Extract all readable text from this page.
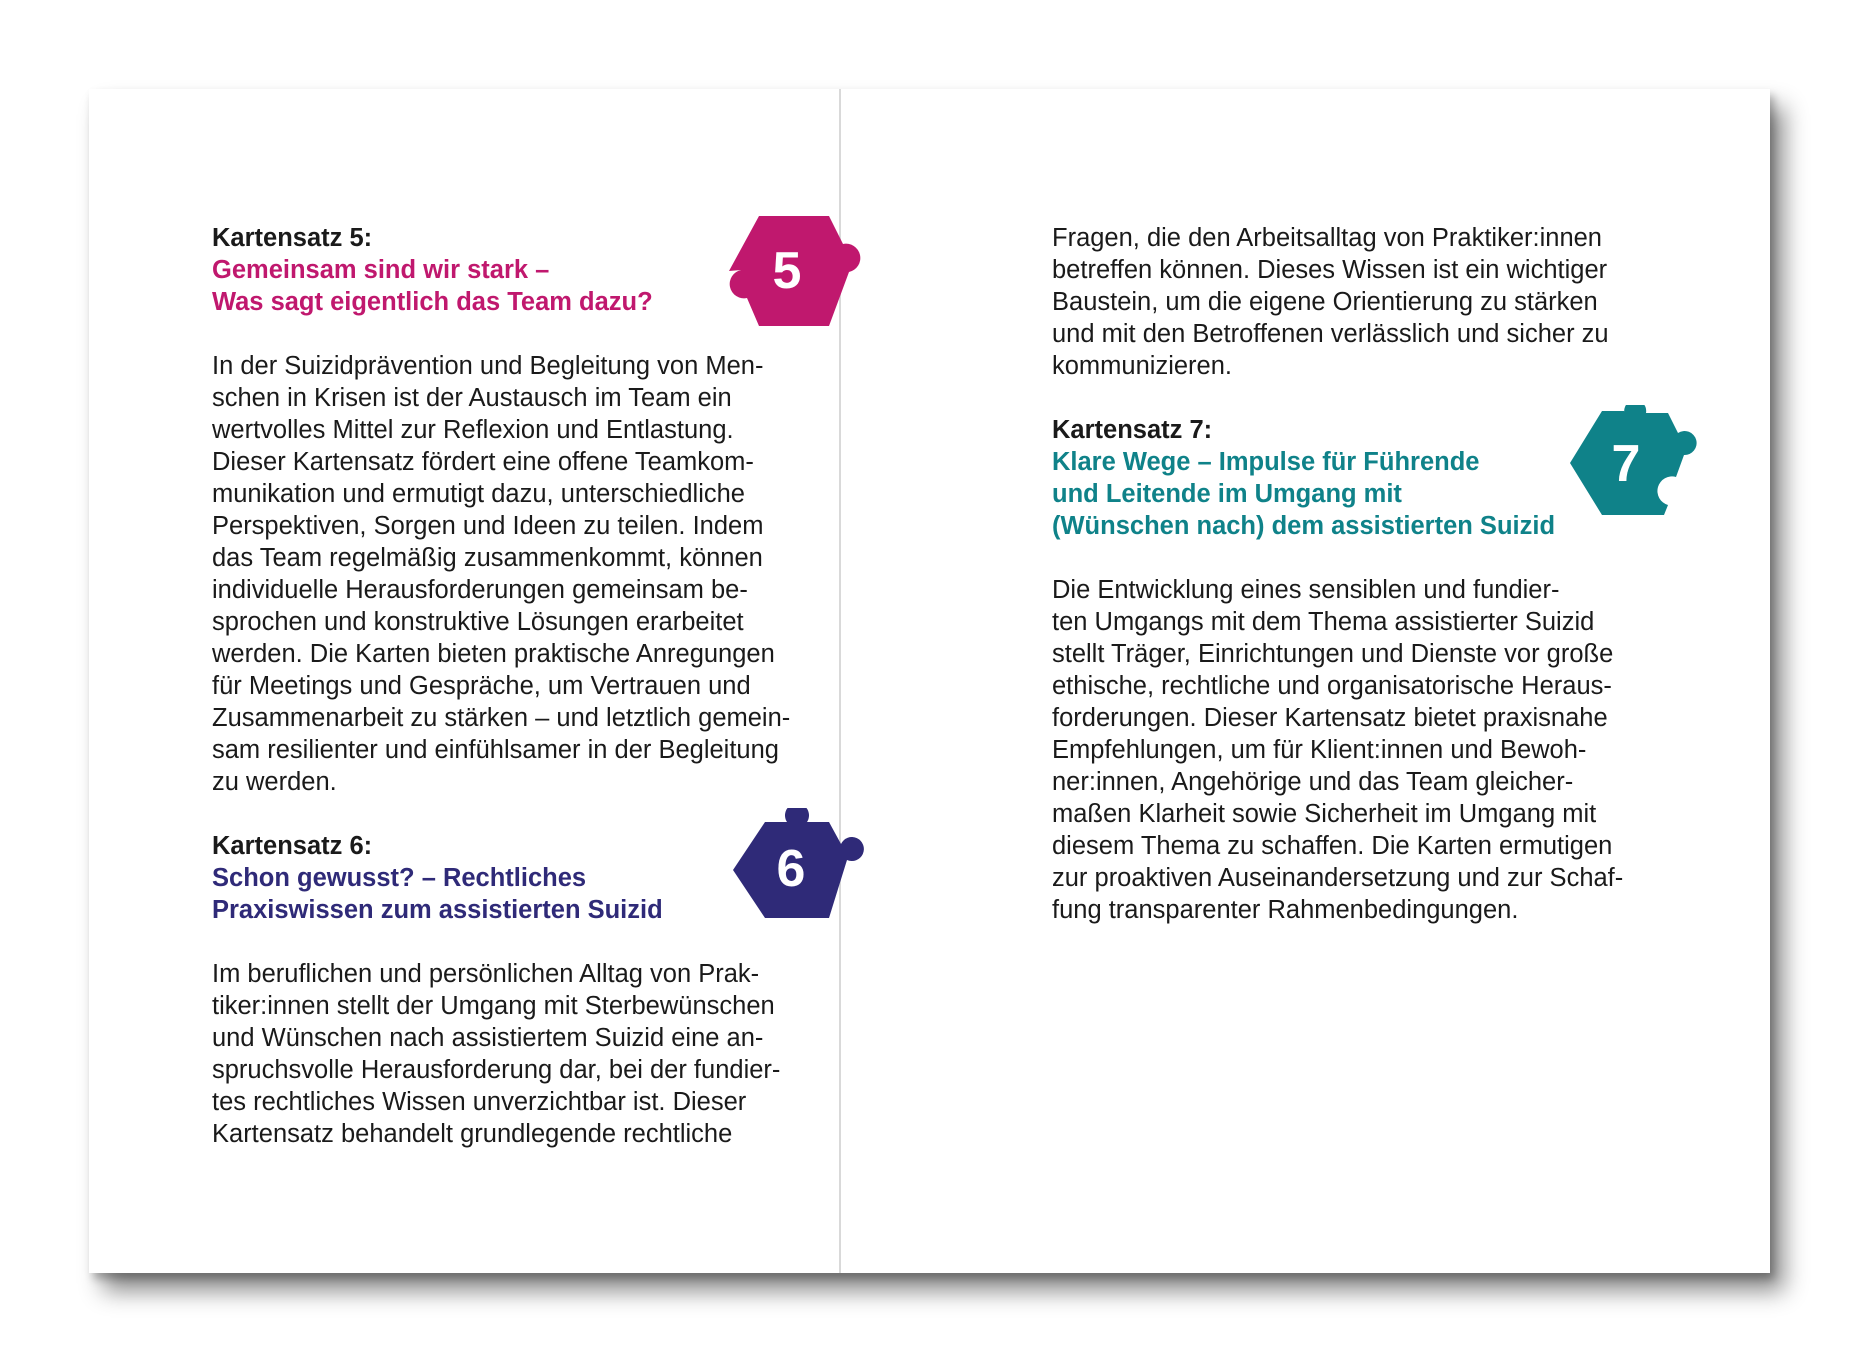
Kartensatz 5:
Gemeinsam sind wir stark –
Was sagt eigentlich das Team dazu?
In der Suizidprävention und Begleitung von Men-
schen in Krisen ist der Austausch im Team ein
wertvolles Mittel zur Reflexion und Entlastung.
Dieser Kartensatz fördert eine offene Teamkom-
munikation und ermutigt dazu, unterschiedliche
Perspektiven, Sorgen und Ideen zu teilen. Indem
das Team regelmäßig zusammenkommt, können
individuelle Herausforderungen gemeinsam be-
sprochen und konstruktive Lösungen erarbeitet
werden. Die Karten bieten praktische Anregungen
für Meetings und Gespräche, um Vertrauen und
Zusammenarbeit zu stärken – und letztlich gemein-
sam resilienter und einfühlsamer in der Begleitung
zu werden.
Kartensatz 6:
Schon gewusst? – Rechtliches
Praxiswissen zum assistierten Suizid
Im beruflichen und persönlichen Alltag von Prak-
tiker:innen stellt der Umgang mit Sterbewünschen
und Wünschen nach assistiertem Suizid eine an-
spruchsvolle Herausforderung dar, bei der fundier-
tes rechtliches Wissen unverzichtbar ist. Dieser
Kartensatz behandelt grundlegende rechtliche
5
6
Fragen, die den Arbeitsalltag von Praktiker:innen
betreffen können. Dieses Wissen ist ein wichtiger
Baustein, um die eigene Orientierung zu stärken
und mit den Betroffenen verlässlich und sicher zu
kommunizieren.
Kartensatz 7:
Klare Wege – Impulse für Führende
und Leitende im Umgang mit
(Wünschen nach) dem assistierten Suizid
Die Entwicklung eines sensiblen und fundier-
ten Umgangs mit dem Thema assistierter Suizid
stellt Träger, Einrichtungen und Dienste vor große
ethische, rechtliche und organisatorische Heraus-
forderungen. Dieser Kartensatz bietet praxisnahe
Empfehlungen, um für Klient:innen und Bewoh-
ner:innen, Angehörige und das Team gleicher-
maßen Klarheit sowie Sicherheit im Umgang mit
diesem Thema zu schaffen. Die Karten ermutigen
zur proaktiven Auseinandersetzung und zur Schaf-
fung transparenter Rahmenbedingungen.
7
